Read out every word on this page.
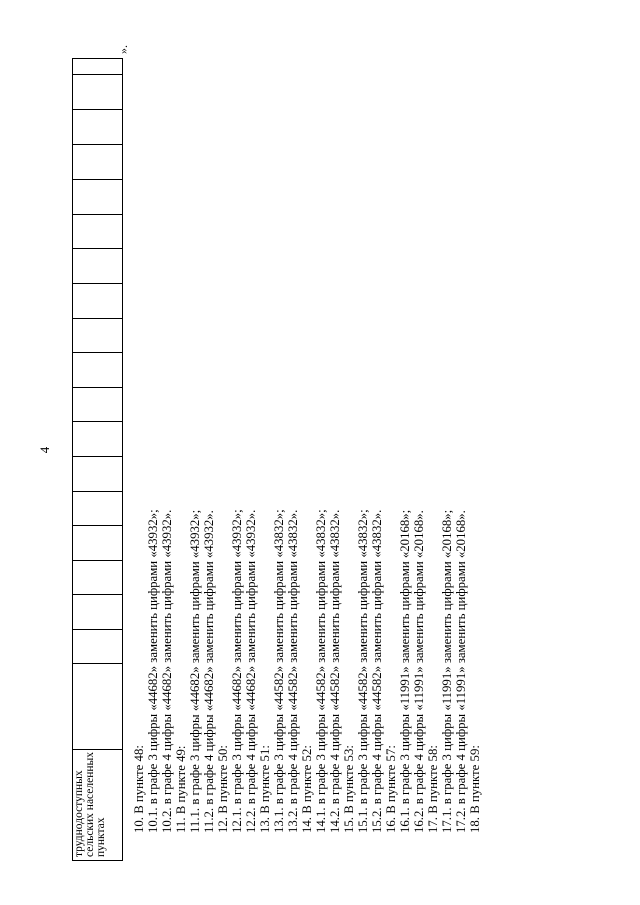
4
труднодоступных сельских населенных пунктах

».
10. В пункте 48: 10.1. в графе 3 цифры «44682» заменить цифрами «43932»; 10.2. в графе 4 цифры «44682» заменить цифрами «43932». 11. В пункте 49: 11.1. в графе 3 цифры «44682» заменить цифрами «43932»; 11.2. в графе 4 цифры «44682» заменить цифрами «43932». 12. В пункте 50: 12.1. в графе 3 цифры «44682» заменить цифрами «43932»; 12.2. в графе 4 цифры «44682» заменить цифрами «43932». 13. В пункте 51: 13.1. в графе 3 цифры «44582» заменить цифрами «43832»; 13.2. в графе 4 цифры «44582» заменить цифрами «43832». 14. В пункте 52: 14.1. в графе 3 цифры «44582» заменить цифрами «43832»; 14.2. в графе 4 цифры «44582» заменить цифрами «43832». 15. В пункте 53: 15.1. в графе 3 цифры «44582» заменить цифрами «43832»; 15.2. в графе 4 цифры «44582» заменить цифрами «43832». 16. В пункте 57: 16.1. в графе 3 цифры «11991» заменить цифрами «20168»; 16.2. в графе 4 цифры «11991» заменить цифрами «20168». 17. В пункте 58: 17.1. в графе 3 цифры «11991» заменить цифрами «20168»; 17.2. в графе 4 цифры «11991» заменить цифрами «20168». 18. В пункте 59:
